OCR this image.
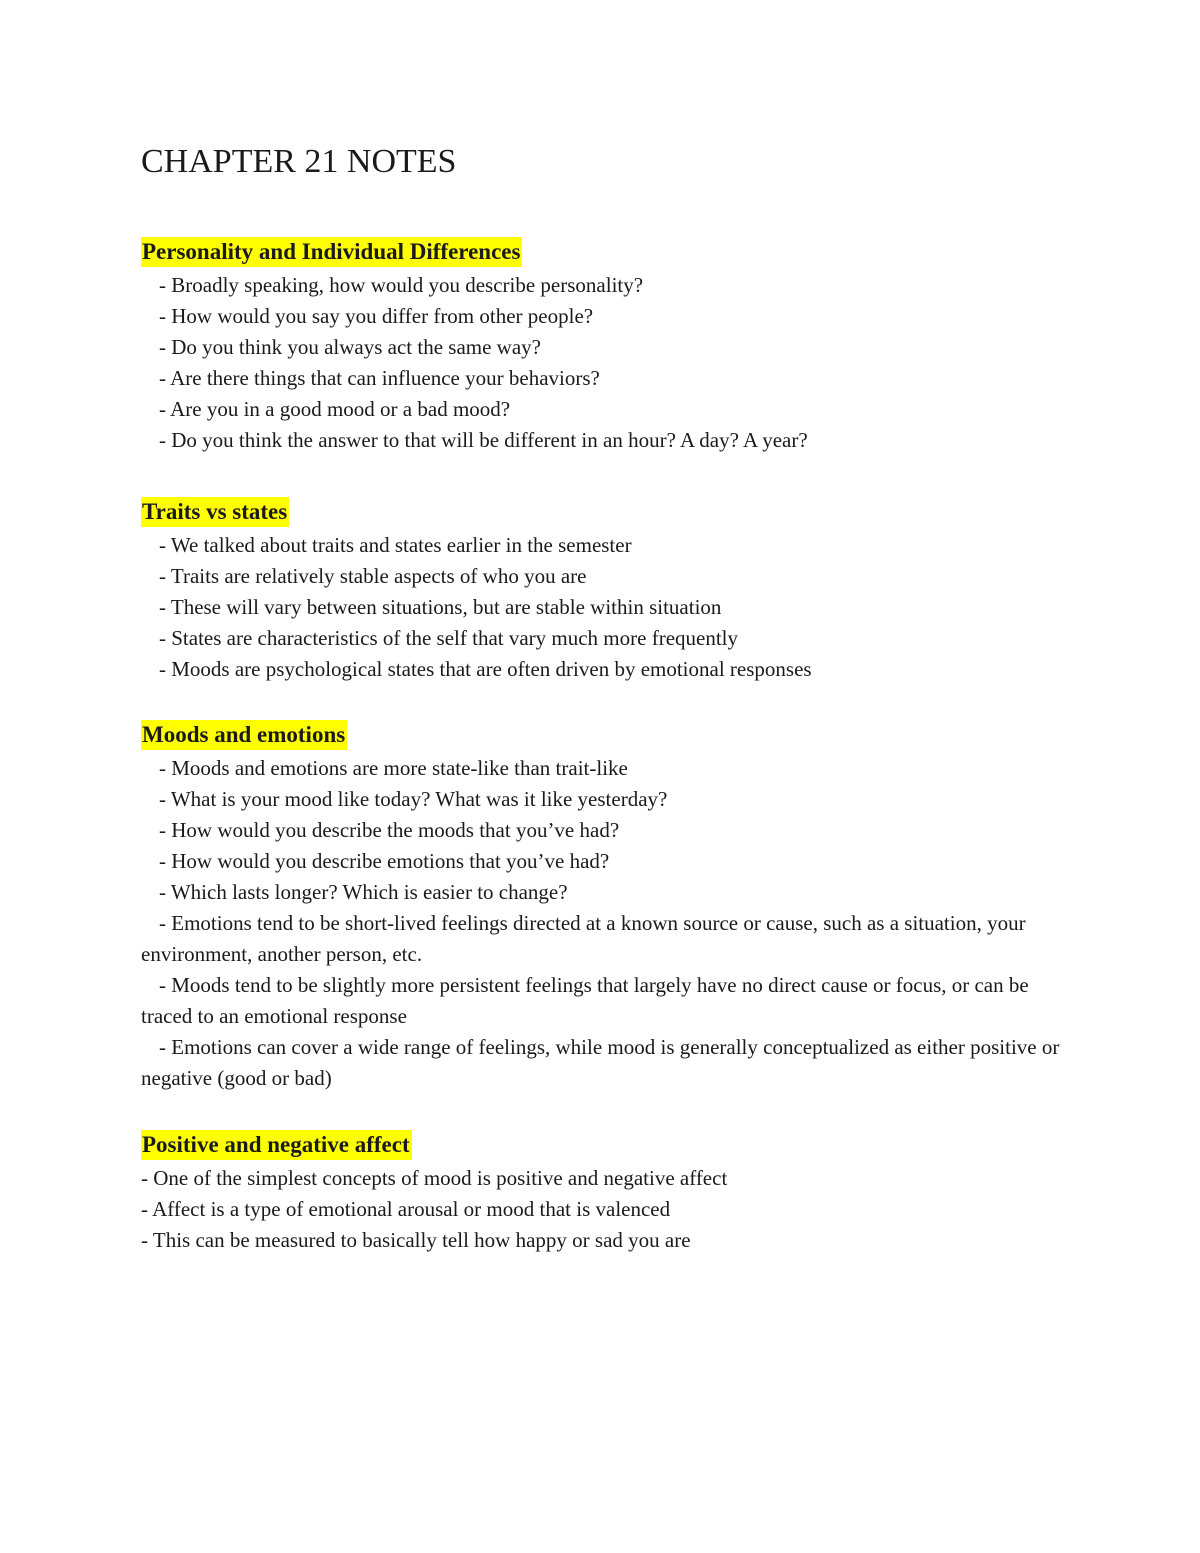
CHAPTER 21 NOTES
Personality and Individual Differences
- Broadly speaking, how would you describe personality?
- How would you say you differ from other people?
- Do you think you always act the same way?
- Are there things that can influence your behaviors?
- Are you in a good mood or a bad mood?
- Do you think the answer to that will be different in an hour? A day? A year?
Traits vs states
- We talked about traits and states earlier in the semester
- Traits are relatively stable aspects of who you are
- These will vary between situations, but are stable within situation
- States are characteristics of the self that vary much more frequently
- Moods are psychological states that are often driven by emotional responses
Moods and emotions
- Moods and emotions are more state-like than trait-like
- What is your mood like today? What was it like yesterday?
- How would you describe the moods that you’ve had?
- How would you describe emotions that you’ve had?
- Which lasts longer? Which is easier to change?
- Emotions tend to be short-lived feelings directed at a known source or cause, such as a situation, your environment, another person, etc.
- Moods tend to be slightly more persistent feelings that largely have no direct cause or focus, or can be traced to an emotional response
- Emotions can cover a wide range of feelings, while mood is generally conceptualized as either positive or negative (good or bad)
Positive and negative affect
- One of the simplest concepts of mood is positive and negative affect
- Affect is a type of emotional arousal or mood that is valenced
- This can be measured to basically tell how happy or sad you are
